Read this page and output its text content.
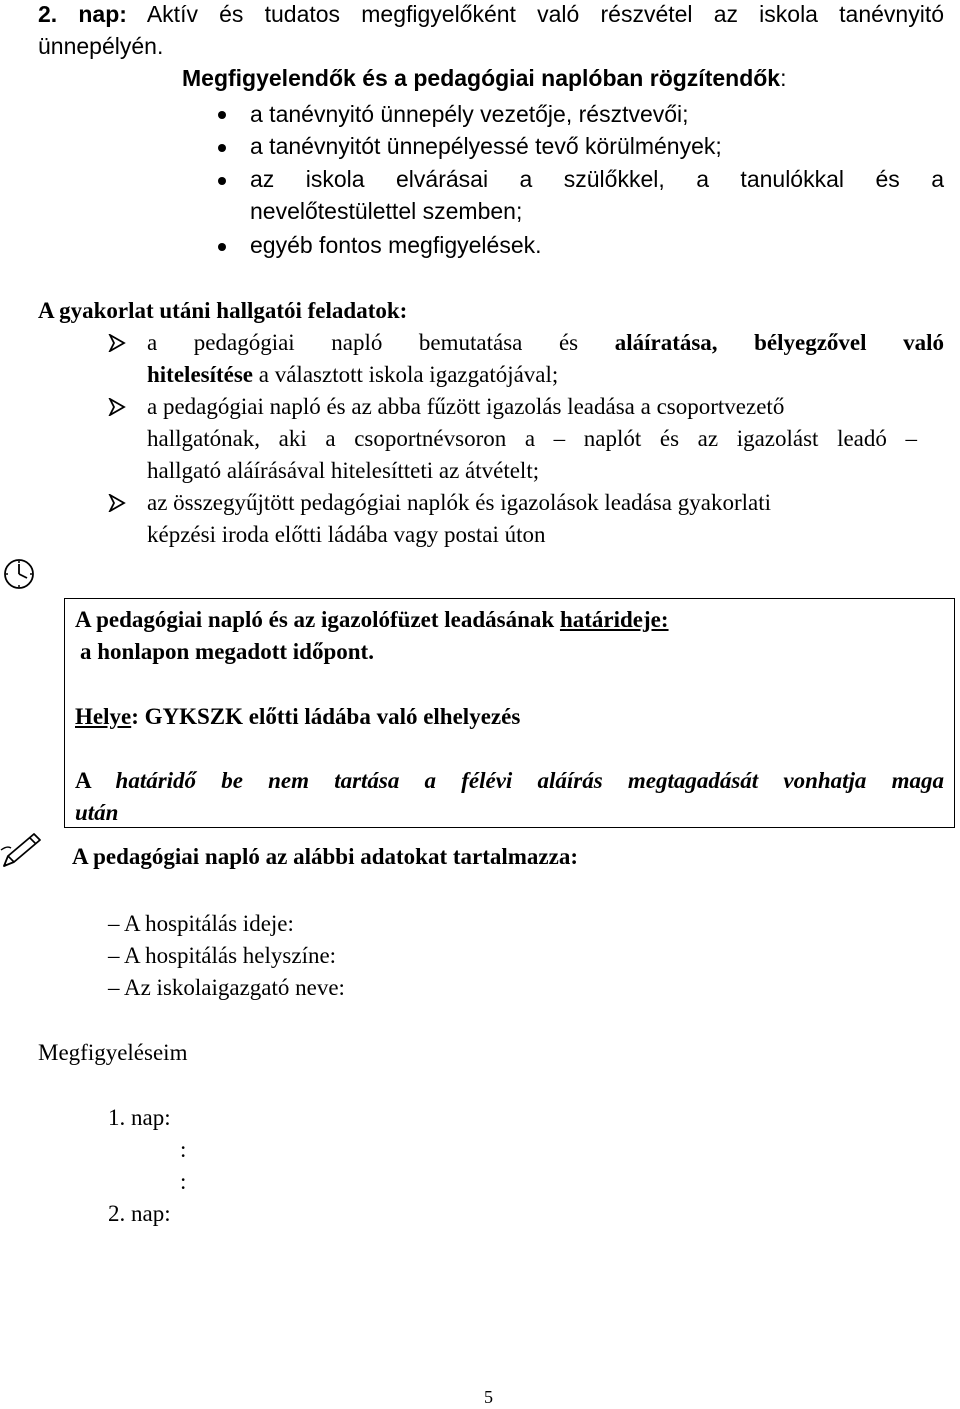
2. nap: Aktív és tudatos megfigyelőként való részvétel az iskola tanévnyitó
ünnepélyén.
Megfigyelendők és a pedagógiai naplóban rögzítendők:
a tanévnyitó ünnepély vezetője, résztvevői;
a tanévnyitót ünnepélyessé tevő körülmények;
az iskola elvárásai a szülőkkel, a tanulókkal és a
nevelőtestülettel szemben;
egyéb fontos megfigyelések.
A gyakorlat utáni hallgatói feladatok:
a pedagógiai napló bemutatása és aláíratása, bélyegzővel való
hitelesítése a választott iskola igazgatójával;
a pedagógiai napló és az abba fűzött igazolás leadása a csoportvezető
hallgatónak, aki a csoportnévsoron a – naplót és az igazolást leadó –
hallgató aláírásával hitelesítteti az átvételt;
az összegyűjtött pedagógiai naplók és igazolások leadása gyakorlati
képzési iroda előtti ládába vagy postai úton
A pedagógiai napló és az igazolófüzet leadásának határideje:
a honlapon megadott időpont.
Helye: GYKSZK előtti ládába való elhelyezés
A határidő be nem tartása a félévi aláírás megtagadását vonhatja maga
után
A pedagógiai napló az alábbi adatokat tartalmazza:
– A hospitálás ideje:
– A hospitálás helyszíne:
– Az iskolaigazgató neve:
Megfigyeléseim
1. nap:
:
:
2. nap:
5
